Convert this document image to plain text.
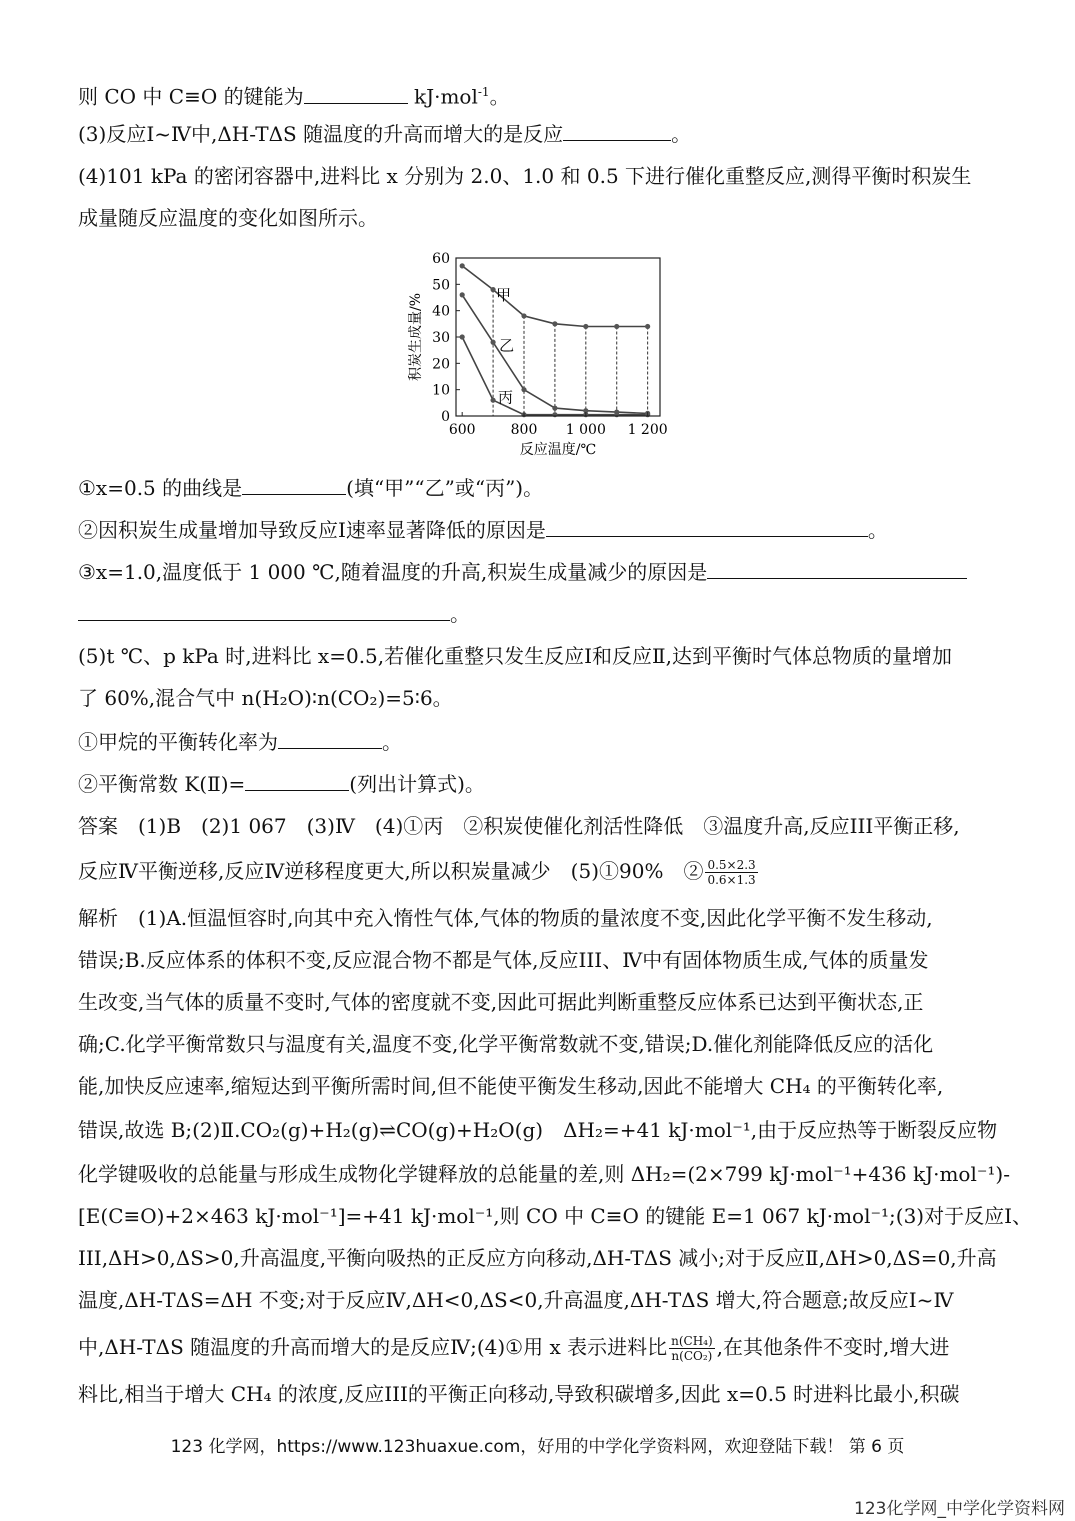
则 CO 中 C≡O 的键能为	kJ·mol$^{-1}$。
(3)反应Ⅰ~Ⅳ中,ΔH-TΔS 随温度的升高而增大的是反应	。
(4)101 kPa 的密闭容器中,进料比 x 分别为 2.0、1.0 和 0.5 下进行催化重整反应,测得平衡时积炭生
成量随反应温度的变化如图所示。
0
10
20
30
40
50
60
600	800 1 000 1 200
甲
乙
丙
反应温度/℃
积炭生成量/%
①x=0.5 的曲线是	(填“甲”“乙”或“丙”)。
②因积炭生成量增加导致反应Ⅰ速率显著降低的原因是	。
③x=1.0,温度低于 1 000 ℃,随着温度的升高,积炭生成量减少的原因是
。
(5)t ℃、p kPa 时,进料比 x=0.5,若催化重整只发生反应Ⅰ和反应Ⅱ,达到平衡时气体总物质的量增加
了 60%,混合气中 n(H₂O)∶n(CO₂)=5∶6。
①甲烷的平衡转化率为	。
②平衡常数 K(Ⅱ)=	(列出计算式)。
答案　(1)B　(2)1 067　(3)Ⅳ　(4)①丙　②积炭使催化剂活性降低　③温度升高,反应III平衡正移,
反应Ⅳ平衡逆移,反应Ⅳ逆移程度更大,所以积炭量减少　(5)①90%　② $\frac{0.5\times 2.3}{0.6\times 1.3}$
解析　(1)A.恒温恒容时,向其中充入惰性气体,气体的物质的量浓度不变,因此化学平衡不发生移动,
错误;B.反应体系的体积不变,反应混合物不都是气体,反应III、Ⅳ中有固体物质生成,气体的质量发
生改变,当气体的质量不变时,气体的密度就不变,因此可据此判断重整反应体系已达到平衡状态,正
确;C.化学平衡常数只与温度有关,温度不变,化学平衡常数就不变,错误;D.催化剂能降低反应的活化
能,加快反应速率,缩短达到平衡所需时间,但不能使平衡发生移动,因此不能增大 CH₄ 的平衡转化率,
错误,故选 B;(2)Ⅱ.CO₂(g)+H₂(g)⇌CO(g)+H₂O(g)　ΔH₂=+41 kJ·mol⁻¹,由于反应热等于断裂反应物
化学键吸收的总能量与形成生成物化学键释放的总能量的差,则 ΔH₂=(2×799 kJ·mol⁻¹+436 kJ·mol⁻¹)-
[E(C≡O)+2×463 kJ·mol⁻¹]=+41 kJ·mol⁻¹,则 CO 中 C≡O 的键能 E=1 067 kJ·mol⁻¹;(3)对于反应Ⅰ、
III,ΔH>0,ΔS>0,升高温度,平衡向吸热的正反应方向移动,ΔH-TΔS 减小;对于反应Ⅱ,ΔH>0,ΔS=0,升高
温度,ΔH-TΔS=ΔH 不变;对于反应Ⅳ,ΔH<0,ΔS<0,升高温度,ΔH-TΔS 增大,符合题意;故反应Ⅰ~Ⅳ
中,ΔH-TΔS 随温度的升高而增大的是反应Ⅳ;(4)①用 x 表示进料比 $\frac{\text{n(CH₄)}}{\text{n(CO₂)}}$ ,在其他条件不变时,增大进
料比,相当于增大 CH₄ 的浓度,反应III的平衡正向移动,导致积碳增多,因此 x=0.5 时进料比最小,积碳
123 化学网，https://www.123huaxue.com，好用的中学化学资料网，欢迎登陆下载！ 第 6 页
123化学网_中学化学资料网
